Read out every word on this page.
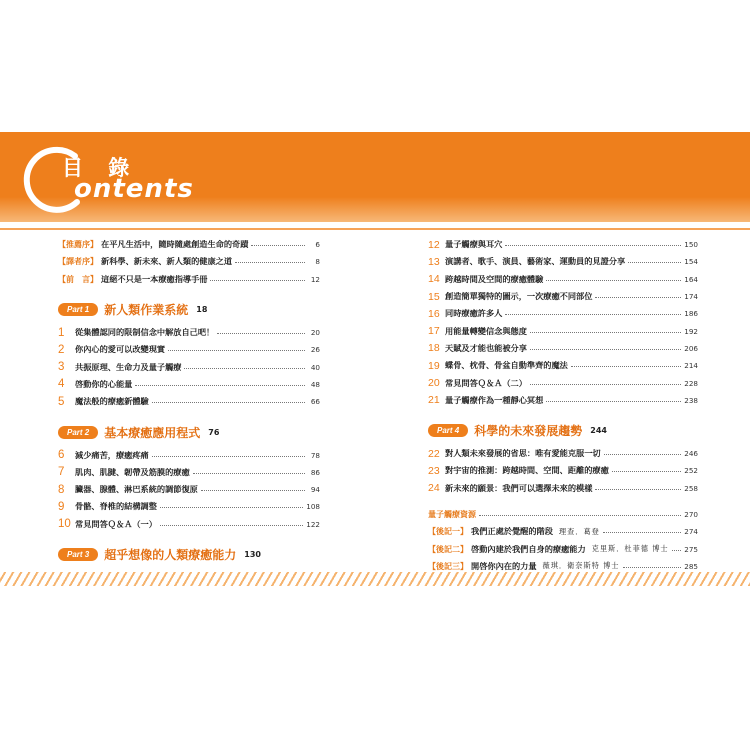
目 錄
ontents
【推薦序】 在平凡生活中，隨時隨處創造生命的奇蹟	6
【譯者序】 新科學、新未來、新人類的健康之道	8
【前　言】 這絕不只是一本療癒指導手冊	12
Part 1	新人類作業系統 18
1	從集體認同的限制信念中解放自己吧！	20
2	你內心的愛可以改變現實	26
3	共振原理、生命力及量子觸療	40
4	啓動你的心能量	48
5	魔法般的療癒新體驗	66
Part 2	基本療癒應用程式 76
6	減少痛苦，療癒疼痛	78
7	肌肉、肌腱、韌帶及筋膜的療癒	86
8	臟器、腺體、淋巴系統的調節復原	94
9	骨骼、脊椎的結構調整	108
10 常見問答Ｑ＆Ａ（一）	122
Part 3	超乎想像的人類療癒能力 130
12 量子觸療與耳穴	150
13 演講者、歌手、演員、藝術家、運動員的見證分享	154
14 跨越時間及空間的療癒體驗	164
15 創造簡單獨特的圖示，一次療癒不同部位	174
16 同時療癒許多人	186
17 用能量轉變信念與態度	192
18 天賦及才能也能被分享	206
19 蝶骨、枕骨、骨盆自動準齊的魔法	214
20 常見問答Ｑ＆Ａ（二）	228
21 量子觸療作為一種靜心冥想	238
Part 4	科學的未來發展趨勢 244
22 對人類未來發展的省思：唯有愛能克服一切	246
23 對宇宙的推測：跨越時間、空間、距離的療癒	252
24 新未來的願景：我們可以選擇未來的模樣	258
量子觸療資源	270
【後記一】 我們正處於覺醒的階段 理查．葛登	274
【後記二】 啓動內建於我們自身的療癒能力 克里斯．杜菲德 博士 275
【後記三】 開啓你內在的力量 薇琪．衛奈斯特 博士	285
